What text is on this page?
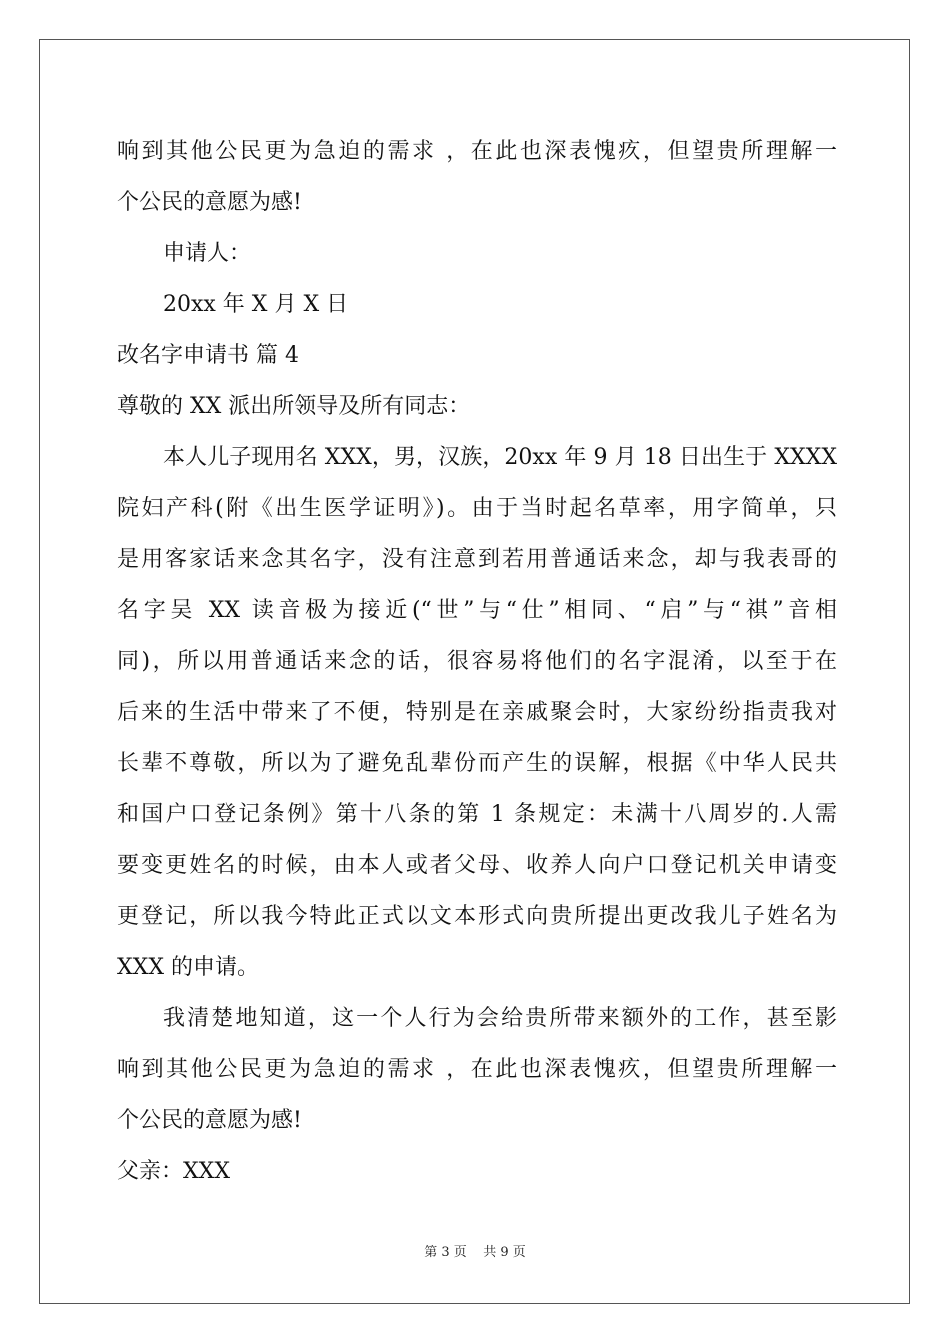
响到其他公民更为急迫的需求 ，在此也深表愧疚，但望贵所理解一
个公民的意愿为感!
申请人：
20xx 年 X 月 X 日
改名字申请书 篇 4
尊敬的 XX 派出所领导及所有同志：
本人儿子现用名 XXX，男，汉族，20xx 年 9 月 18 日出生于 XXXX
院妇产科(附《出生医学证明》)。由于当时起名草率，用字简单，只
是用客家话来念其名字，没有注意到若用普通话来念，却与我表哥的
名字吴 XX 读音极为接近(“世”与“仕”相同、“启”与“祺”音相
同)，所以用普通话来念的话，很容易将他们的名字混淆，以至于在
后来的生活中带来了不便，特别是在亲戚聚会时，大家纷纷指责我对
长辈不尊敬，所以为了避免乱辈份而产生的误解，根据《中华人民共
和国户口登记条例》第十八条的第 1 条规定：未满十八周岁的.人需
要变更姓名的时候，由本人或者父母、收养人向户口登记机关申请变
更登记，所以我今特此正式以文本形式向贵所提出更改我儿子姓名为
XXX 的申请。
我清楚地知道，这一个人行为会给贵所带来额外的工作，甚至影
响到其他公民更为急迫的需求 ，在此也深表愧疚，但望贵所理解一
个公民的意愿为感!
父亲：XXX
第 3 页    共 9 页
